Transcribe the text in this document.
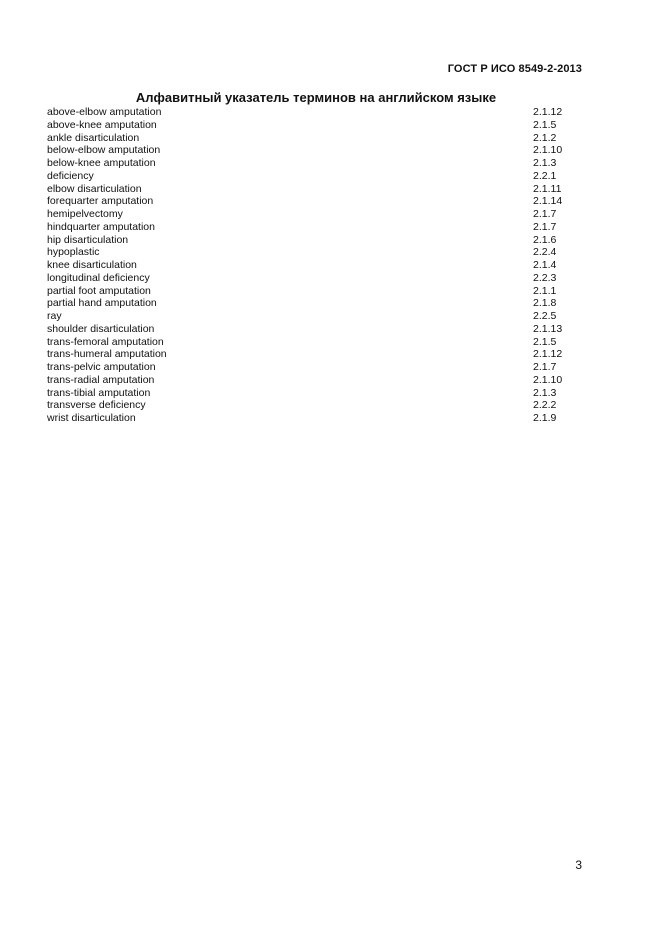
ГОСТ Р ИСО 8549-2-2013
Алфавитный указатель терминов на английском языке
above-elbow amputation	2.1.12
above-knee amputation	2.1.5
ankle disarticulation	2.1.2
below-elbow amputation	2.1.10
below-knee amputation	2.1.3
deficiency	2.2.1
elbow disarticulation	2.1.11
forequarter amputation	2.1.14
hemipelvectomy	2.1.7
hindquarter amputation	2.1.7
hip disarticulation	2.1.6
hypoplastic	2.2.4
knee disarticulation	2.1.4
longitudinal deficiency	2.2.3
partial foot amputation	2.1.1
partial hand amputation	2.1.8
ray	2.2.5
shoulder disarticulation	2.1.13
trans-femoral amputation	2.1.5
trans-humeral amputation	2.1.12
trans-pelvic amputation	2.1.7
trans-radial amputation	2.1.10
trans-tibial amputation	2.1.3
transverse deficiency	2.2.2
wrist disarticulation	2.1.9
3
